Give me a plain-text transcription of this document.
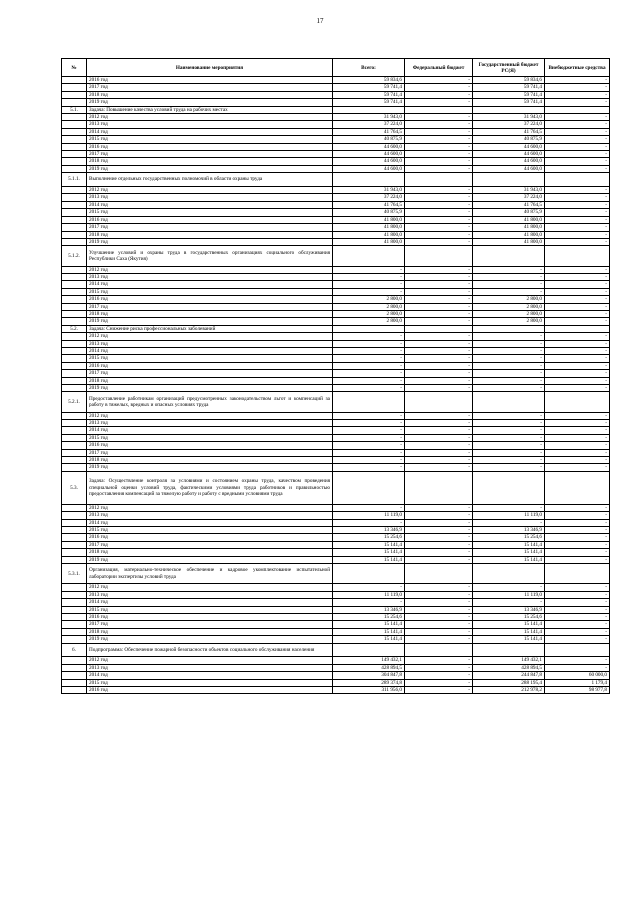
17
№	Наименование мероприятия	Всего:	Федеральный бюджет	Государственный бюджет РС(Я)	Внебюджетные средства
	2016 год	59 834,6	-	59 834,6	-
	2017 год	59 741,4	-	59 741,4	-
	2018 год	59 741,4	-	59 741,4	-
	2019 год	59 741,4	-	59 741,4	-
5.1.	Задача: Повышение качества условий труда на рабочих местах				
	2012 год	31 943,0	-	31 943,0	-
	2013 год	37 224,0	-	37 224,0	-
	2014 год	41 764,5	-	41 764,5	-
	2015 год	40 875,9	-	40 875,9	-
	2016 год	44 600,0	-	44 600,0	-
	2017 год	44 600,0	-	44 600,0	-
	2018 год	44 600,0	-	44 600,0	-
	2019 год	44 600,0	-	44 600,0	-
5.1.1.	Выполнение отдельных государственных полномочий в области охраны труда				
	2012 год	31 943,0	-	31 943,0	-
	2013 год	37 224,0	-	37 224,0	-
	2014 год	41 764,5	-	41 764,5	-
	2015 год	40 875,9	-	40 875,9	-
	2016 год	41 800,0	-	41 800,0	-
	2017 год	41 800,0	-	41 800,0	-
	2018 год	41 800,0	-	41 800,0	-
	2019 год	41 800,0	-	41 800,0	-
5.1.2.	Улучшение условий и охраны труда в государственных организациях социального обслуживания Республики Саха (Якутия)				
	2012 год	-	-	-	-
	2013 год	-	-	-	-
	2014 год	-	-	-	-
	2015 год	-	-	-	-
	2016 год	2 800,0	-	2 800,0	-
	2017 год	2 800,0	-	2 800,0	-
	2018 год	2 800,0	-	2 800,0	-
	2019 год	2 800,0	-	2 800,0	-
5.2.	Задача: Снижение риска профессиональных заболеваний				
	2012 год	-	-	-	-
	2013 год	-	-	-	-
	2014 год	-	-	-	-
	2015 год	-	-	-	-
	2016 год	-	-	-	-
	2017 год	-	-	-	-
	2018 год	-	-	-	-
	2019 год	-	-	-	-
5.2.1.	Предоставление работникам организаций предусмотренных законодательством льгот и компенсаций за работу в тяжелых, вредных и опасных условиях труда				
	2012 год	-	-	-	-
	2013 год	-	-	-	-
	2014 год	-	-	-	-
	2015 год	-	-	-	-
	2016 год	-	-	-	-
	2017 год	-	-	-	-
	2018 год	-	-	-	-
	2019 год	-	-	-	-
5.3.	Задача: Осуществление контроля за условиями и состоянием охраны труда, качеством проведения специальной оценки условий труда, фактическими условиями труда работников и правильностью предоставления компенсаций за тяжелую работу и работу с вредными условиями труда				
	2012 год	-	-	-	-
	2013 год	11 119,0	-	11 119,0	-
	2014 год	-	-	-	-
	2015 год	13 346,9	-	13 346,9	-
	2016 год	15 254,6	-	15 254,6	-
	2017 год	15 141,4	-	15 141,4	-
	2018 год	15 141,4	-	15 141,4	-
	2019 год	15 141,4	-	15 141,4	-
5.3.1.	Организация, материально-техническое обеспечение и кадровое укомплектование испытательной лаборатории экспертизы условий труда				
	2012 год	-	-	-	-
	2013 год	11 119,0	-	11 119,0	-
	2014 год	-	-	-	-
	2015 год	13 346,9	-	13 346,9	-
	2016 год	15 254,6	-	15 254,6	-
	2017 год	15 141,4	-	15 141,4	-
	2018 год	15 141,4	-	15 141,4	-
	2019 год	15 141,4	-	15 141,4	-
6.	Подпрограмма: Обеспечение пожарной безопасности объектов социального обслуживания населения				
	2012 год	149 432,1	-	149 432,1	-
	2013 год	428 894,5	-	428 894,5	-
	2014 год	304 847,8	-	244 847,8	60 000,0
	2015 год	289 374,8	-	288 195,4	1 179,4
	2016 год	311 956,0	-	212 978,2	98 977,8
